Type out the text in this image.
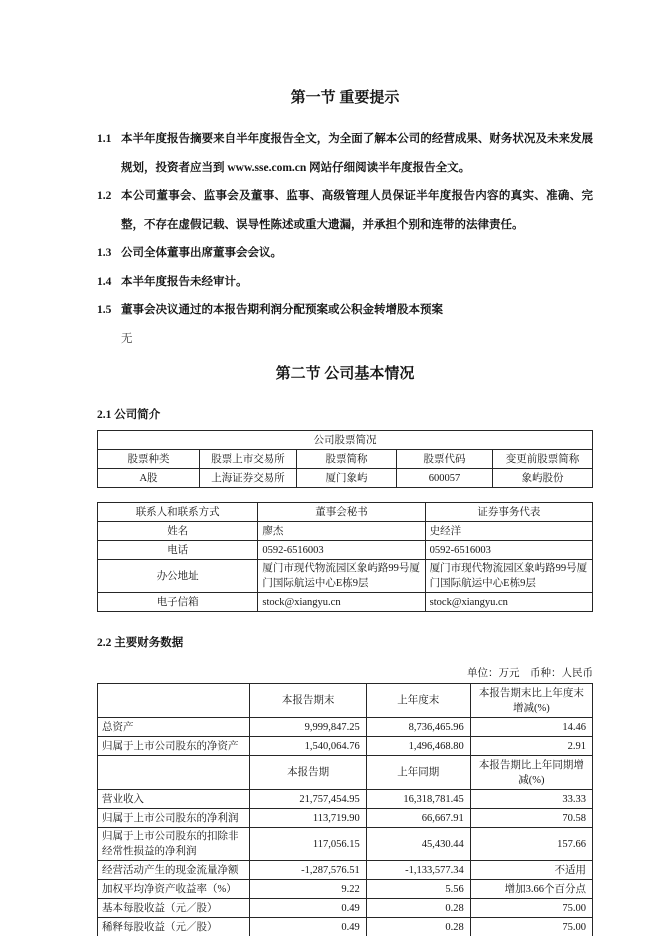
第一节 重要提示
1.1 本半年度报告摘要来自半年度报告全文，为全面了解本公司的经营成果、财务状况及未来发展规划，投资者应当到 www.sse.com.cn 网站仔细阅读半年度报告全文。
1.2 本公司董事会、监事会及董事、监事、高级管理人员保证半年度报告内容的真实、准确、完整，不存在虚假记载、误导性陈述或重大遗漏，并承担个别和连带的法律责任。
1.3 公司全体董事出席董事会会议。
1.4 本半年度报告未经审计。
1.5 董事会决议通过的本报告期利润分配预案或公积金转增股本预案
无
第二节 公司基本情况
2.1 公司简介
公司股票简况				
股票种类	股票上市交易所	股票简称	股票代码	变更前股票简称
A股	上海证券交易所	厦门象屿	600057	象屿股份
联系人和联系方式	董事会秘书	证券事务代表
姓名	廖杰	史经洋
电话	0592-6516003	0592-6516003
办公地址	厦门市现代物流园区象屿路99号厦门国际航运中心E栋9层	厦门市现代物流园区象屿路99号厦门国际航运中心E栋9层
电子信箱	stock@xiangyu.cn	stock@xiangyu.cn
2.2 主要财务数据
单位：万元　币种：人民币
	本报告期末	上年度末	本报告期末比上年度末增减(%)
总资产	9,999,847.25	8,736,465.96	14.46
归属于上市公司股东的净资产	1,540,064.76	1,496,468.80	2.91
	本报告期	上年同期	本报告期比上年同期增减(%)
营业收入	21,757,454.95	16,318,781.45	33.33
归属于上市公司股东的净利润	113,719.90	66,667.91	70.58
归属于上市公司股东的扣除非经常性损益的净利润	117,056.15	45,430.44	157.66
经营活动产生的现金流量净额	-1,287,576.51	-1,133,577.34	不适用
加权平均净资产收益率（%）	9.22	5.56	增加3.66个百分点
基本每股收益（元／股）	0.49	0.28	75.00
稀释每股收益（元／股）	0.49	0.28	75.00
